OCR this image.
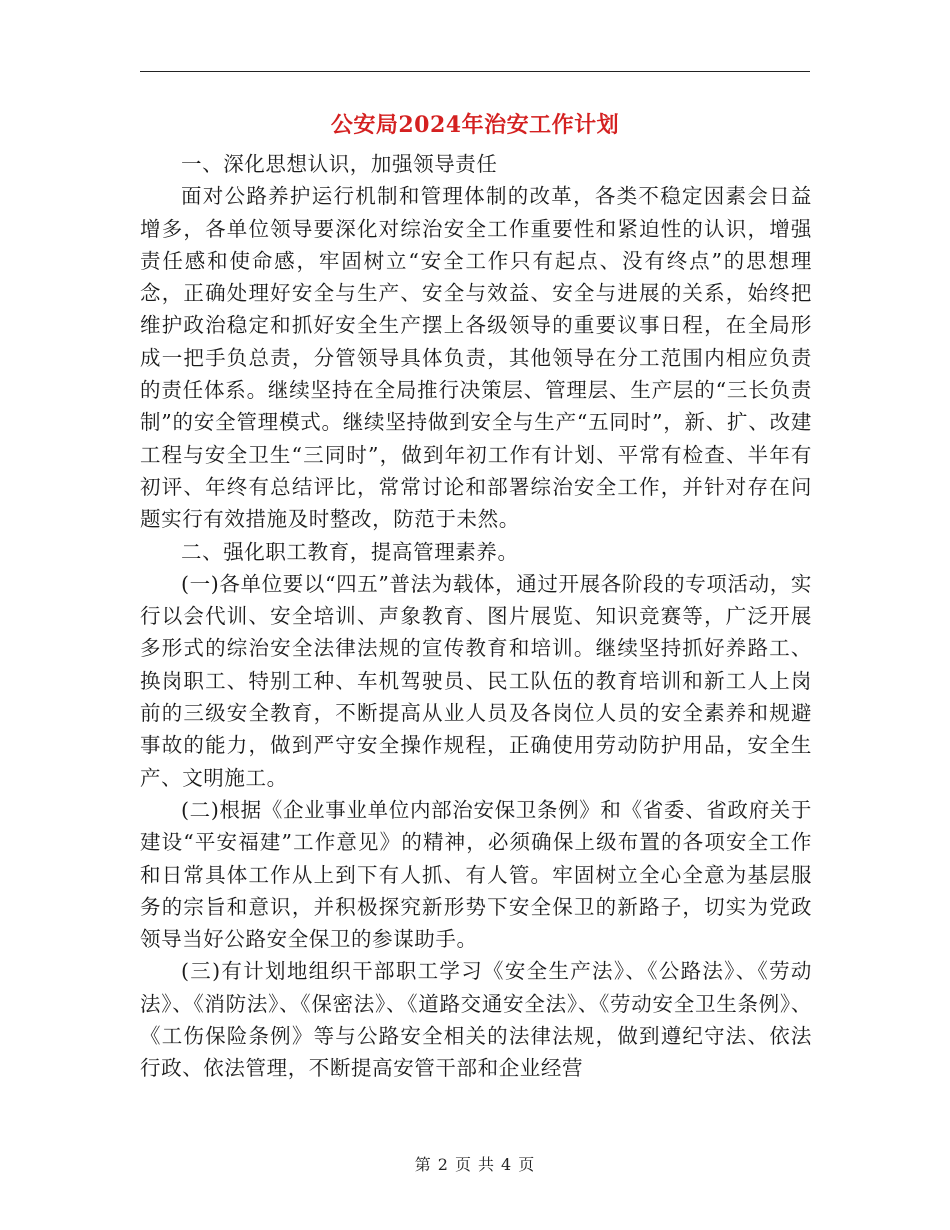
公安局2024年治安工作计划

一、深化思想认识，加强领导责任

面对公路养护运行机制和管理体制的改革，各类不稳定因素会日益增多，各单位领导要深化对综治安全工作重要性和紧迫性的认识，增强责任感和使命感，牢固树立“安全工作只有起点、没有终点”的思想理念，正确处理好安全与生产、安全与效益、安全与进展的关系，始终把维护政治稳定和抓好安全生产摆上各级领导的重要议事日程，在全局形成一把手负总责，分管领导具体负责，其他领导在分工范围内相应负责的责任体系。继续坚持在全局推行决策层、管理层、生产层的“三长负责制”的安全管理模式。继续坚持做到安全与生产“五同时”，新、扩、改建工程与安全卫生“三同时”，做到年初工作有计划、平常有检查、半年有初评、年终有总结评比，常常讨论和部署综治安全工作，并针对存在问题实行有效措施及时整改，防范于未然。

二、强化职工教育，提高管理素养。

(一)各单位要以“四五”普法为载体，通过开展各阶段的专项活动，实行以会代训、安全培训、声象教育、图片展览、知识竞赛等，广泛开展多形式的综治安全法律法规的宣传教育和培训。继续坚持抓好养路工、换岗职工、特别工种、车机驾驶员、民工队伍的教育培训和新工人上岗前的三级安全教育，不断提高从业人员及各岗位人员的安全素养和规避事故的能力，做到严守安全操作规程，正确使用劳动防护用品，安全生产、文明施工。

(二)根据《企业事业单位内部治安保卫条例》和《省委、省政府关于建设“平安福建”工作意见》的精神，必须确保上级布置的各项安全工作和日常具体工作从上到下有人抓、有人管。牢固树立全心全意为基层服务的宗旨和意识，并积极探究新形势下安全保卫的新路子，切实为党政领导当好公路安全保卫的参谋助手。

(三)有计划地组织干部职工学习《安全生产法》、《公路法》、《劳动法》、《消防法》、《保密法》、《道路交通安全法》、《劳动安全卫生条例》、《工伤保险条例》等与公路安全相关的法律法规，做到遵纪守法、依法行政、依法管理，不断提高安管干部和企业经营

第 2 页 共 4 页
